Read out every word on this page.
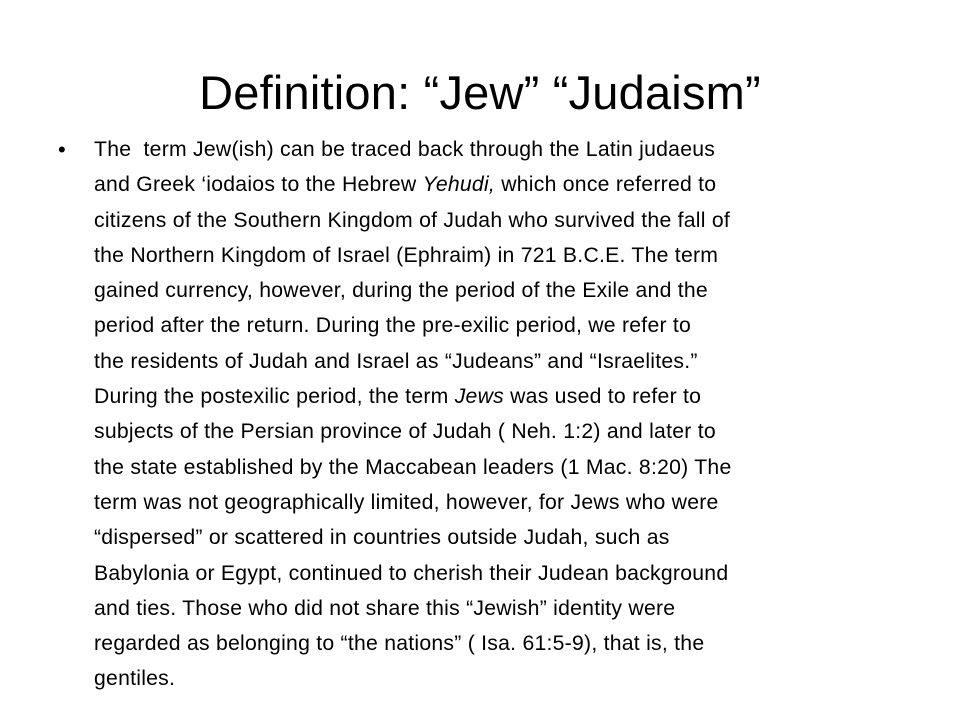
Definition: “Jew” “Judaism”
• The  term Jew(ish) can be traced back through the Latin judaeus
and Greek ‘iodaios to the Hebrew Yehudi, which once referred to
citizens of the Southern Kingdom of Judah who survived the fall of
the Northern Kingdom of Israel (Ephraim) in 721 B.C.E. The term
gained currency, however, during the period of the Exile and the
period after the return. During the pre-exilic period, we refer to
the residents of Judah and Israel as “Judeans” and “Israelites.”
During the postexilic period, the term Jews was used to refer to
subjects of the Persian province of Judah ( Neh. 1:2) and later to
the state established by the Maccabean leaders (1 Mac. 8:20) The
term was not geographically limited, however, for Jews who were
“dispersed” or scattered in countries outside Judah, such as
Babylonia or Egypt, continued to cherish their Judean background
and ties. Those who did not share this “Jewish” identity were
regarded as belonging to “the nations” ( Isa. 61:5-9), that is, the
gentiles.
